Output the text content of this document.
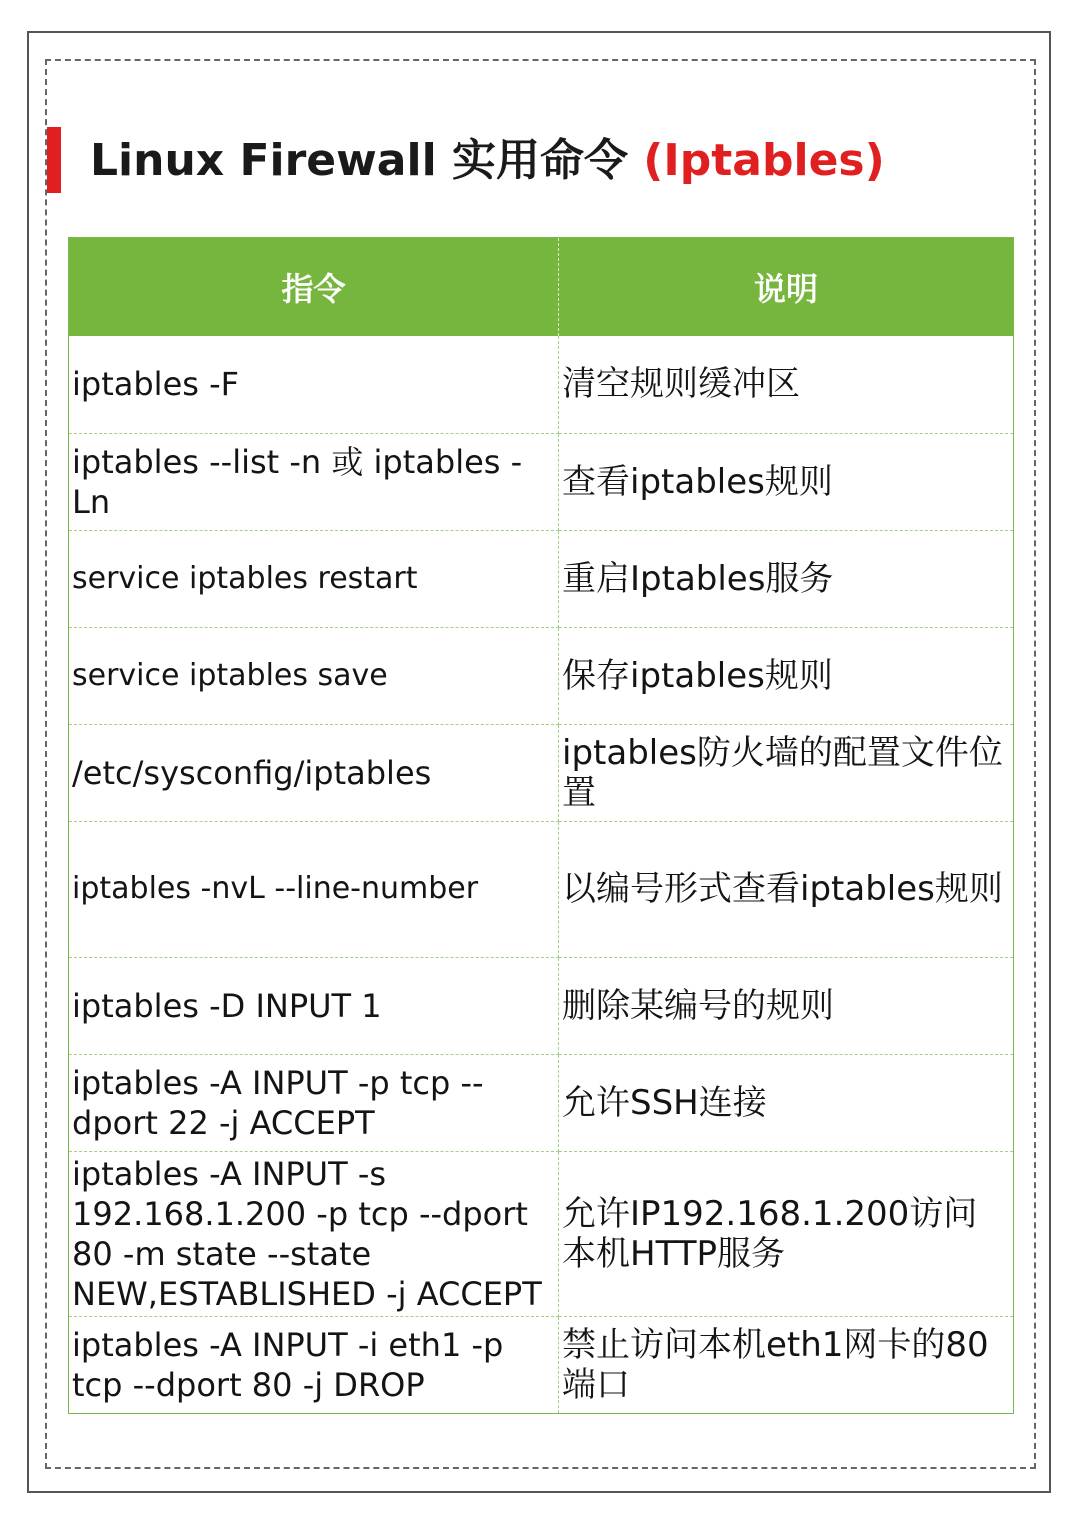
Linux Firewall 实用命令 (Iptables)
指令	说明
iptables -F	清空规则缓冲区
iptables --list -n 或 iptables -Ln	查看iptables规则
service iptables restart	重启Iptables服务
service iptables save	保存iptables规则
/etc/sysconfig/iptables	iptables防火墙的配置文件位置
iptables -nvL --line-number	以编号形式查看iptables规则
iptables -D INPUT 1	删除某编号的规则
iptables -A INPUT -p tcp --dport 22 -j ACCEPT	允许SSH连接
iptables -A INPUT -s 192.168.1.200 -p tcp --dport 80 -m state --state NEW,ESTABLISHED -j ACCEPT	允许IP192.168.1.200访问本机HTTP服务
iptables -A INPUT -i eth1 -p tcp --dport 80 -j DROP	禁止访问本机eth1网卡的80端口
